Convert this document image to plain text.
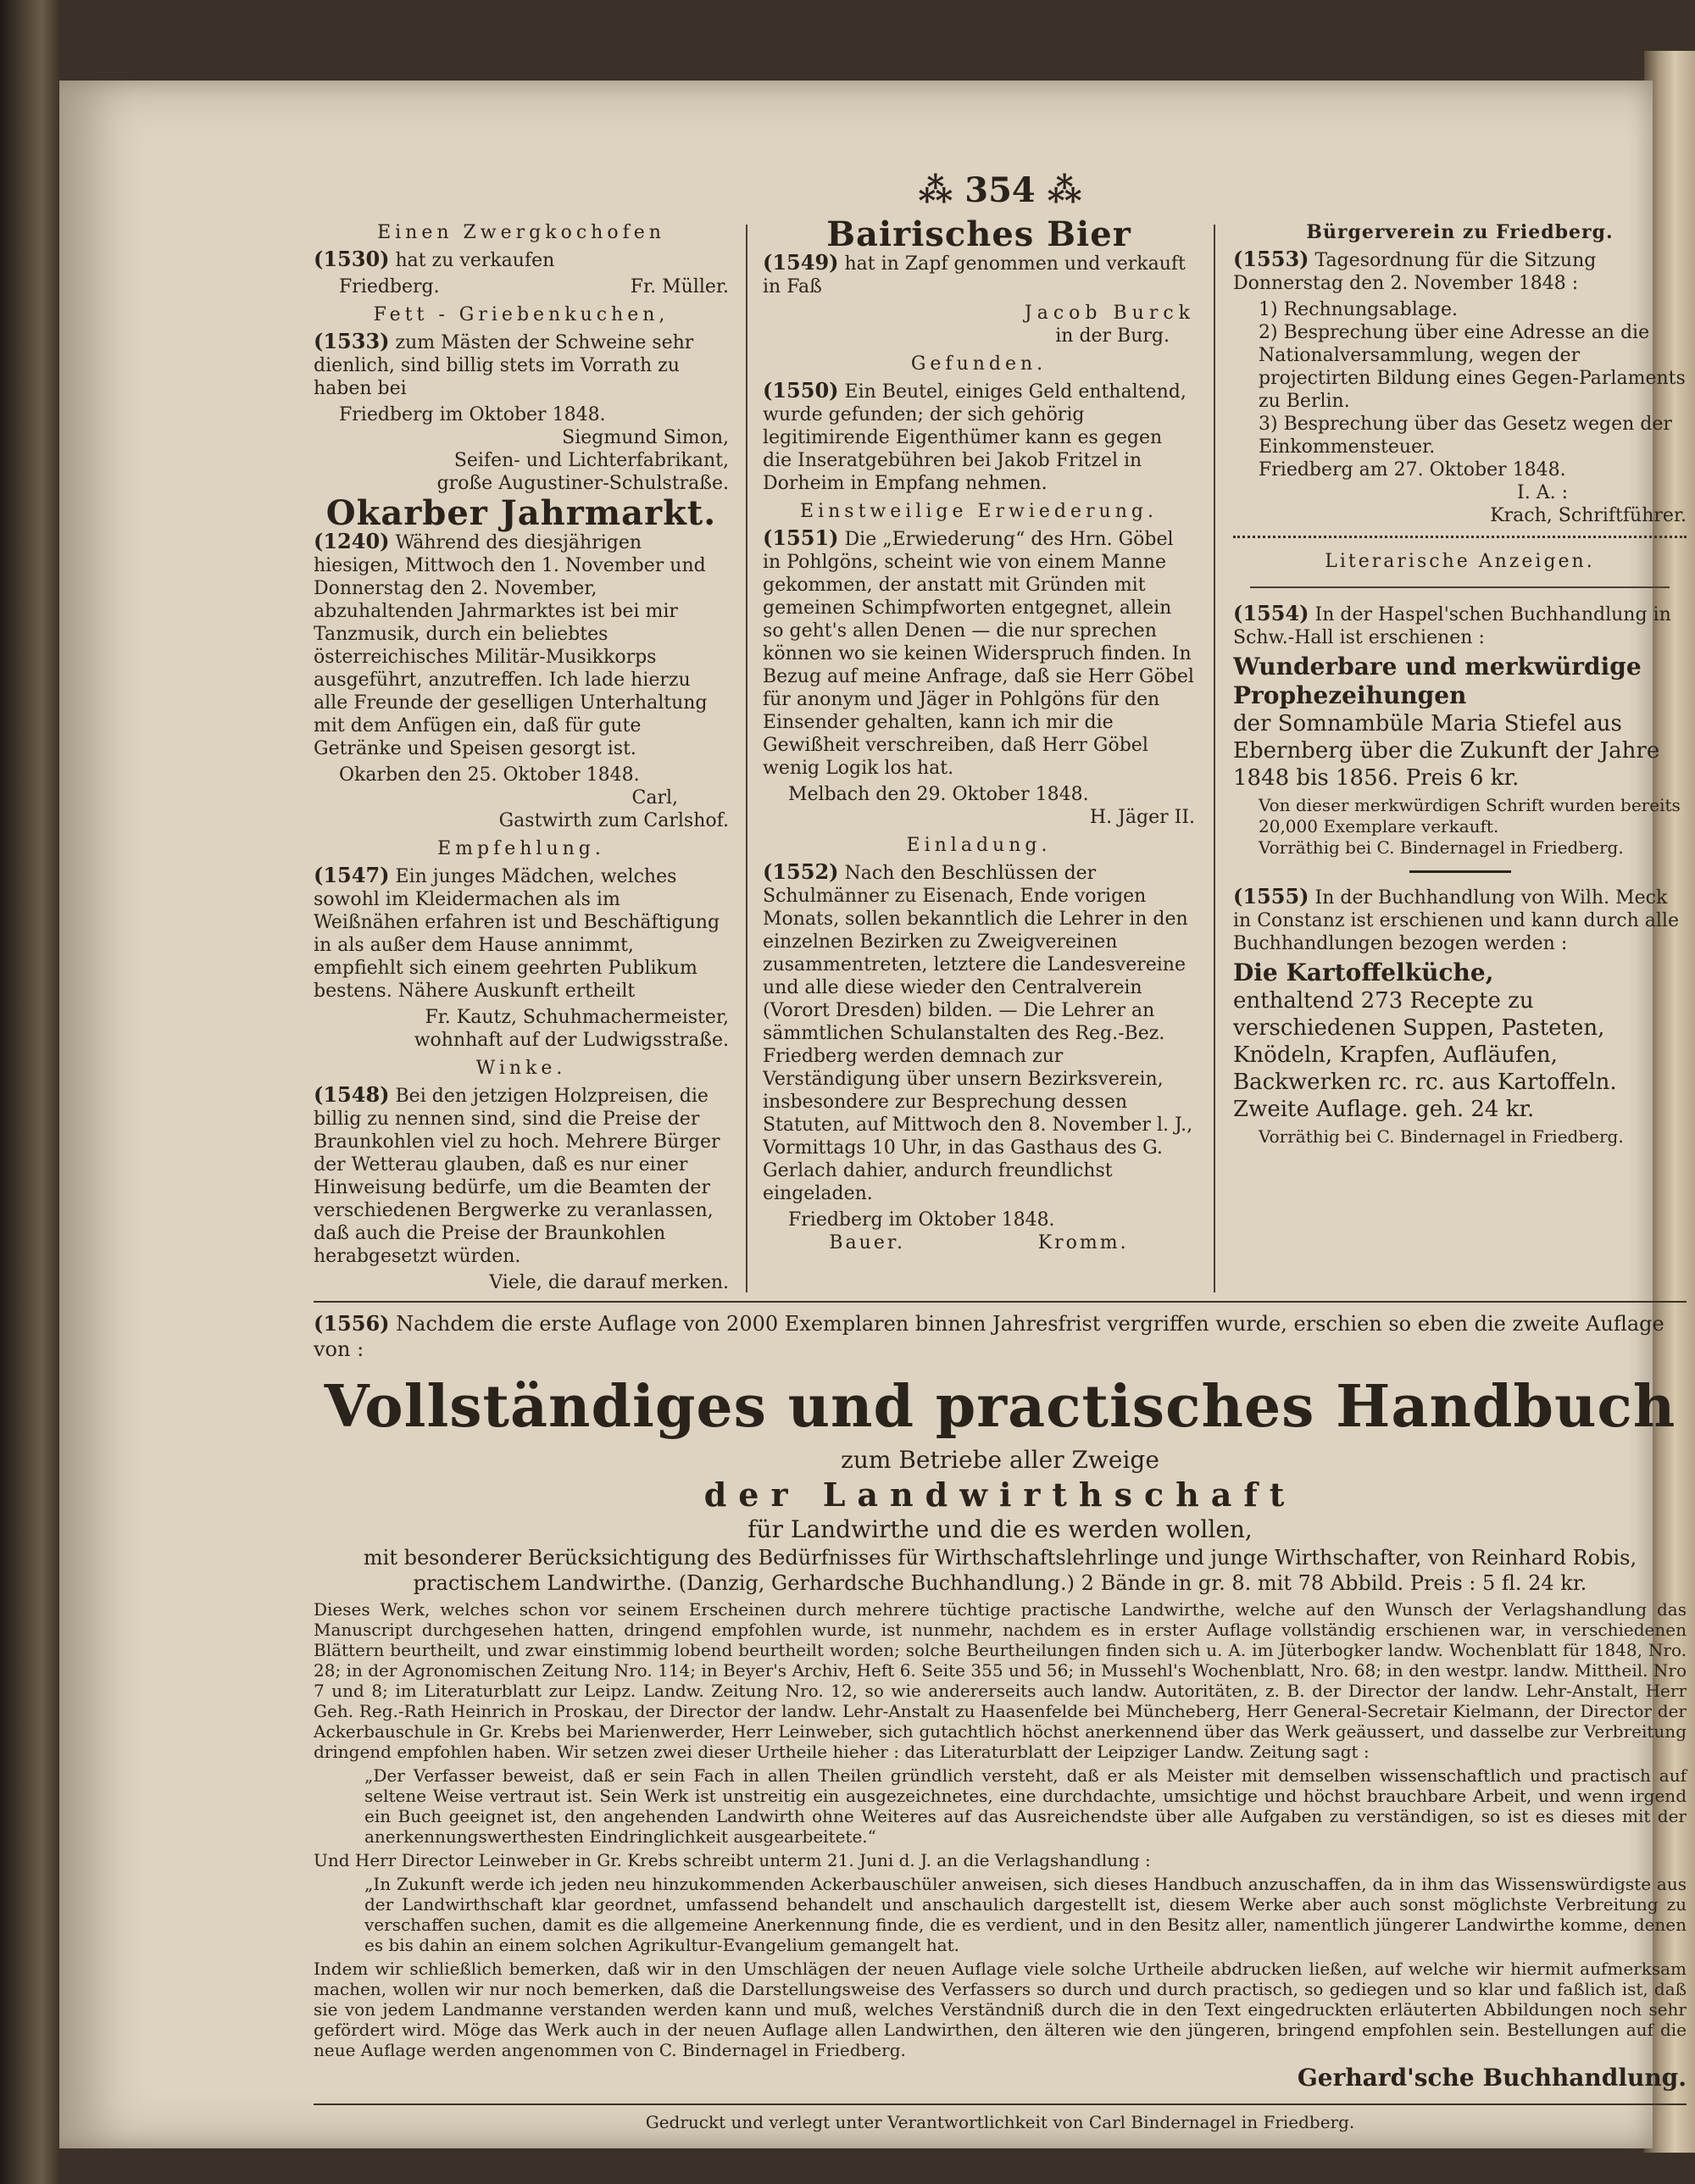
⁂ 354 ⁂
Einen Zwergkochofen

(1530) hat zu verkaufen

Friedberg.	Fr. Müller.

Fett - Griebenkuchen,

(1533) zum Mästen der Schweine sehr dienlich, sind billig stets im Vorrath zu haben bei

Friedberg im Oktober 1848.
Siegmund Simon,
Seifen- und Lichterfabrikant,
große Augustiner-Schulstraße.
Okarber Jahrmarkt.

(1240) Während des diesjährigen hiesigen, Mittwoch den 1. November und Donnerstag den 2. November, abzuhaltenden Jahrmarktes ist bei mir Tanzmusik, durch ein beliebtes österreichisches Militär-Musikkorps ausgeführt, anzutreffen. Ich lade hierzu alle Freunde der geselligen Unterhaltung mit dem Anfügen ein, daß für gute Getränke und Speisen gesorgt ist.

Okarben den 25. Oktober 1848.
Carl,
Gastwirth zum Carlshof.
Empfehlung.

(1547) Ein junges Mädchen, welches sowohl im Kleidermachen als im Weißnähen erfahren ist und Beschäftigung in als außer dem Hause annimmt, empfiehlt sich einem geehrten Publikum bestens. Nähere Auskunft ertheilt

Fr. Kautz, Schuhmachermeister,
wohnhaft auf der Ludwigsstraße.
Winke.

(1548) Bei den jetzigen Holzpreisen, die billig zu nennen sind, sind die Preise der Braunkohlen viel zu hoch. Mehrere Bürger der Wetterau glauben, daß es nur einer Hinweisung bedürfe, um die Beamten der verschiedenen Bergwerke zu veranlassen, daß auch die Preise der Braunkohlen herabgesetzt würden.

Viele, die darauf merken.
Bairisches Bier

(1549) hat in Zapf genommen und verkauft in Faß

Jacob Burck
in der Burg.
Gefunden.

(1550) Ein Beutel, einiges Geld enthaltend, wurde gefunden; der sich gehörig legitimirende Eigenthümer kann es gegen die Inseratgebühren bei Jakob Fritzel in Dorheim in Empfang nehmen.

Einstweilige Erwiederung.

(1551) Die „Erwiederung“ des Hrn. Göbel in Pohlgöns, scheint wie von einem Manne gekommen, der anstatt mit Gründen mit gemeinen Schimpfworten entgegnet, allein so geht's allen Denen — die nur sprechen können wo sie keinen Widerspruch finden. In Bezug auf meine Anfrage, daß sie Herr Göbel für anonym und Jäger in Pohlgöns für den Einsender gehalten, kann ich mir die Gewißheit verschreiben, daß Herr Göbel wenig Logik los hat.

Melbach den 29. Oktober 1848.
H. Jäger II.
Einladung.

(1552) Nach den Beschlüssen der Schulmänner zu Eisenach, Ende vorigen Monats, sollen bekanntlich die Lehrer in den einzelnen Bezirken zu Zweigvereinen zusammentreten, letztere die Landesvereine und alle diese wieder den Centralverein (Vorort Dresden) bilden. — Die Lehrer an sämmtlichen Schulanstalten des Reg.-Bez. Friedberg werden demnach zur Verständigung über unsern Bezirksverein, insbesondere zur Besprechung dessen Statuten, auf Mittwoch den 8. November l. J., Vormittags 10 Uhr, in das Gasthaus des G. Gerlach dahier, andurch freundlichst eingeladen.

Friedberg im Oktober 1848.

Bauer.	Kromm.

Bürgerverein zu Friedberg.

(1553) Tagesordnung für die Sitzung Donnerstag den 2. November 1848 :

1) Rechnungsablage.
2) Besprechung über eine Adresse an die Nationalversammlung, wegen der projectirten Bildung eines Gegen-Parlaments zu Berlin.
3) Besprechung über das Gesetz wegen der Einkommensteuer.
Friedberg am 27. Oktober 1848.
I. A. :
Krach, Schriftführer.
Literarische Anzeigen.

(1554) In der Haspel'schen Buchhandlung in Schw.-Hall ist erschienen :

Wunderbare und merkwürdige Prophezeihungen

der Somnambüle Maria Stiefel aus Ebernberg über die Zukunft der Jahre 1848 bis 1856. Preis 6 kr.

Von dieser merkwürdigen Schrift wurden bereits 20,000 Exemplare verkauft.
Vorräthig bei C. Bindernagel in Friedberg.

(1555) In der Buchhandlung von Wilh. Meck in Constanz ist erschienen und kann durch alle Buchhandlungen bezogen werden :

Die Kartoffelküche,

enthaltend 273 Recepte zu verschiedenen Suppen, Pasteten, Knödeln, Krapfen, Aufläufen, Backwerken rc. rc. aus Kartoffeln. Zweite Auflage. geh. 24 kr.

Vorräthig bei C. Bindernagel in Friedberg.

(1556) Nachdem die erste Auflage von 2000 Exemplaren binnen Jahresfrist vergriffen wurde, erschien so eben die zweite Auflage von :

Vollständiges und practisches Handbuch
zum Betriebe aller Zweige
der Landwirthschaft
für Landwirthe und die es werden wollen,

mit besonderer Berücksichtigung des Bedürfnisses für Wirthschaftslehrlinge und junge Wirthschafter, von Reinhard Robis, practischem Landwirthe. (Danzig, Gerhardsche Buchhandlung.) 2 Bände in gr. 8. mit 78 Abbild. Preis : 5 fl. 24 kr.

Dieses Werk, welches schon vor seinem Erscheinen durch mehrere tüchtige practische Landwirthe, welche auf den Wunsch der Verlagshandlung das Manuscript durchgesehen hatten, dringend empfohlen wurde, ist nunmehr, nachdem es in erster Auflage vollständig erschienen war, in verschiedenen Blättern beurtheilt, und zwar einstimmig lobend beurtheilt worden; solche Beurtheilungen finden sich u. A. im Jüterbogker landw. Wochenblatt für 1848, Nro. 28; in der Agronomischen Zeitung Nro. 114; in Beyer's Archiv, Heft 6. Seite 355 und 56; in Mussehl's Wochenblatt, Nro. 68; in den westpr. landw. Mittheil. Nro 7 und 8; im Literaturblatt zur Leipz. Landw. Zeitung Nro. 12, so wie andererseits auch landw. Autoritäten, z. B. der Director der landw. Lehr-Anstalt, Herr Geh. Reg.-Rath Heinrich in Proskau, der Director der landw. Lehr-Anstalt zu Haasenfelde bei Müncheberg, Herr General-Secretair Kielmann, der Director der Ackerbauschule in Gr. Krebs bei Marienwerder, Herr Leinweber, sich gutachtlich höchst anerkennend über das Werk geäussert, und dasselbe zur Verbreitung dringend empfohlen haben. Wir setzen zwei dieser Urtheile hieher : das Literaturblatt der Leipziger Landw. Zeitung sagt :

„Der Verfasser beweist, daß er sein Fach in allen Theilen gründlich versteht, daß er als Meister mit demselben wissenschaftlich und practisch auf seltene Weise vertraut ist. Sein Werk ist unstreitig ein ausgezeichnetes, eine durchdachte, umsichtige und höchst brauchbare Arbeit, und wenn irgend ein Buch geeignet ist, den angehenden Landwirth ohne Weiteres auf das Ausreichendste über alle Aufgaben zu verständigen, so ist es dieses mit der anerkennungswerthesten Eindringlichkeit ausgearbeitete.“

Und Herr Director Leinweber in Gr. Krebs schreibt unterm 21. Juni d. J. an die Verlagshandlung :

„In Zukunft werde ich jeden neu hinzukommenden Ackerbauschüler anweisen, sich dieses Handbuch anzuschaffen, da in ihm das Wissenswürdigste aus der Landwirthschaft klar geordnet, umfassend behandelt und anschaulich dargestellt ist, diesem Werke aber auch sonst möglichste Verbreitung zu verschaffen suchen, damit es die allgemeine Anerkennung finde, die es verdient, und in den Besitz aller, namentlich jüngerer Landwirthe komme, denen es bis dahin an einem solchen Agrikultur-Evangelium gemangelt hat.

Indem wir schließlich bemerken, daß wir in den Umschlägen der neuen Auflage viele solche Urtheile abdrucken ließen, auf welche wir hiermit aufmerksam machen, wollen wir nur noch bemerken, daß die Darstellungsweise des Verfassers so durch und durch practisch, so gediegen und so klar und faßlich ist, daß sie von jedem Landmanne verstanden werden kann und muß, welches Verständniß durch die in den Text eingedruckten erläuterten Abbildungen noch sehr gefördert wird. Möge das Werk auch in der neuen Auflage allen Landwirthen, den älteren wie den jüngeren, bringend empfohlen sein. Bestellungen auf die neue Auflage werden angenommen von C. Bindernagel in Friedberg.

Gerhard'sche Buchhandlung.
Gedruckt und verlegt unter Verantwortlichkeit von Carl Bindernagel in Friedberg.
